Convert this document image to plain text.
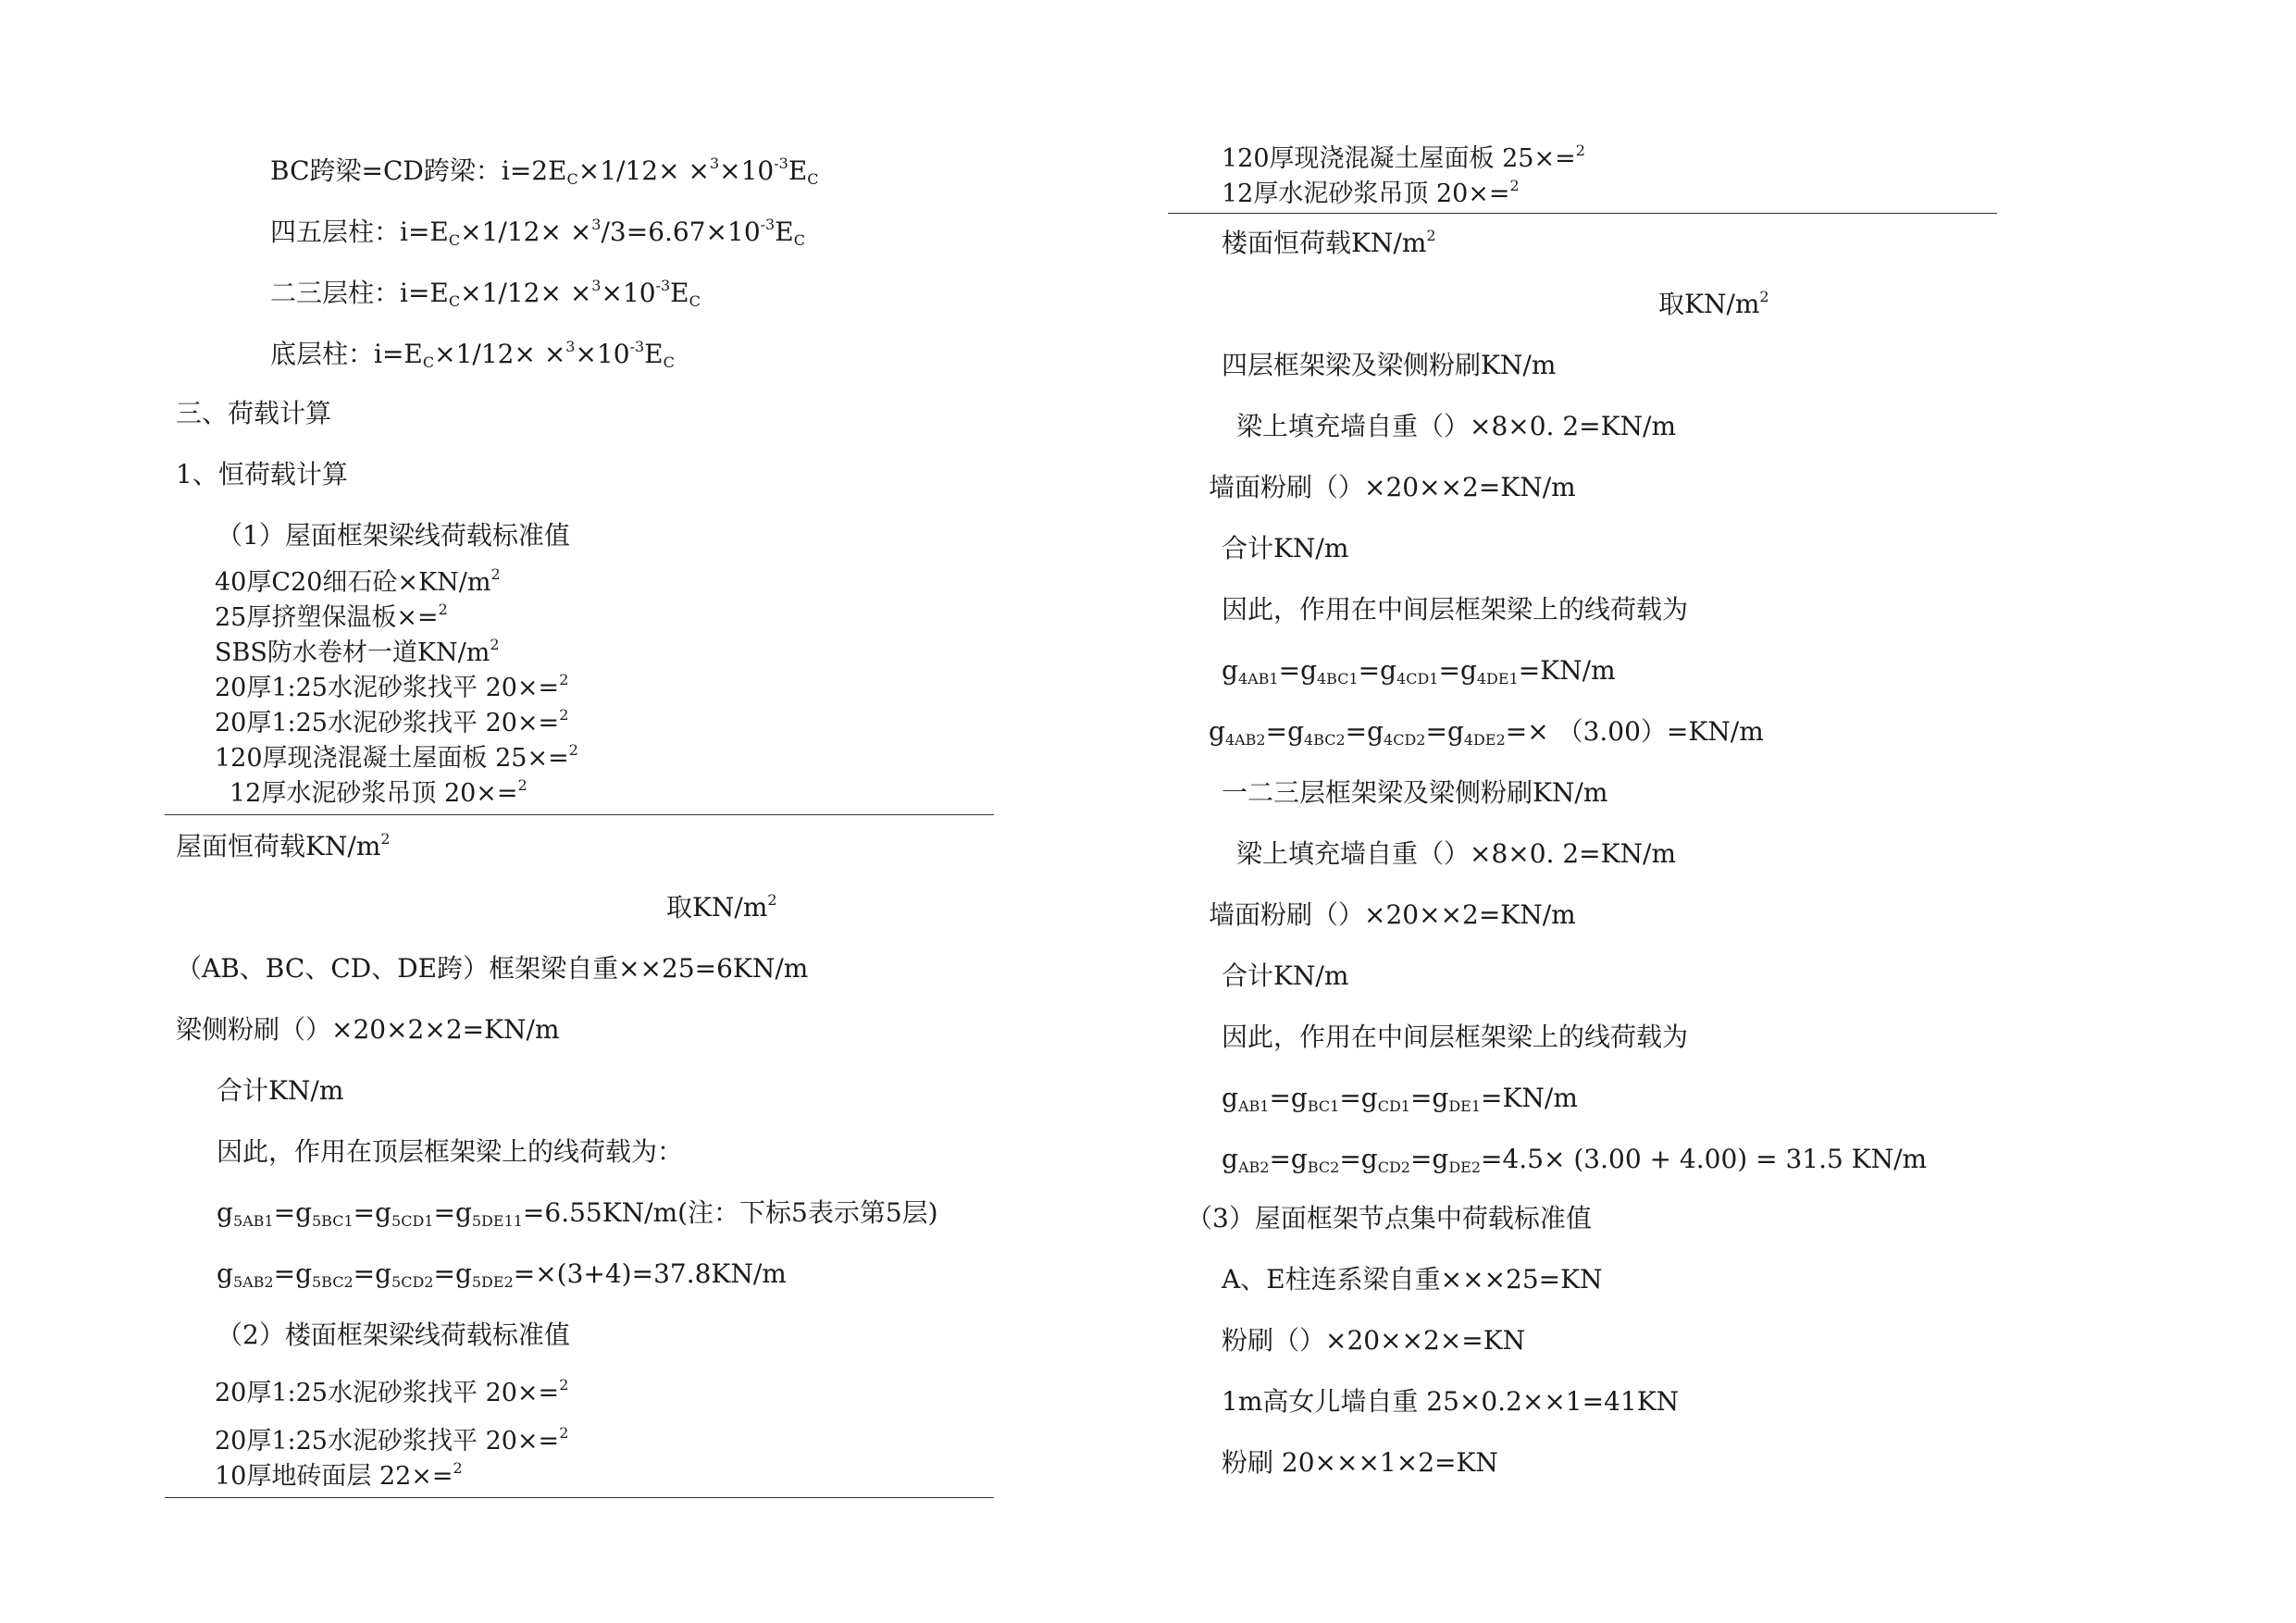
BC跨梁=CD跨梁：$i=2E_C\times 1/12\times \times^3\times 10^{-3}E_C$
四五层柱：$i=E_C\times 1/12\times \times^3/3=6.67\times 10^{-3}E_C$
二三层柱：$i=E_C\times 1/12\times \times^3\times 10^{-3}E_C$
底层柱：$i=E_C\times 1/12\times \times^3\times 10^{-3}E_C$
三、荷载计算
1、恒荷载计算
（1）屋面框架梁线荷载标准值
40厚C20细石砼$\times KN/m^2$
25厚挤塑保温板×=$^2$
SBS防水卷材一道$KN/m^2$
20厚1:25水泥砂浆找平 20×=$^2$
20厚1:25水泥砂浆找平 20×=$^2$
120厚现浇混凝土屋面板 25×=$^2$
12厚水泥砂浆吊顶 20×=$^2$
屋面恒荷载$KN/m^2$
取$KN/m^2$
（AB、BC、CD、DE跨）框架梁自重××25=6KN/m
梁侧粉刷（）×20×2×2=KN/m
合计KN/m
因此，作用在顶层框架梁上的线荷载为：
$g_{5AB1}=g_{5BC1}=g_{5CD1}=g_{5DE11}=6.55KN/m$(注：下标5表示第5层)
$g_{5AB2}=g_{5BC2}=g_{5CD2}=g_{5DE2}=\times(3+4)=37.8KN/m$
（2）楼面框架梁线荷载标准值
20厚1:25水泥砂浆找平 20×=$^2$
20厚1:25水泥砂浆找平 20×=$^2$
10厚地砖面层 22×=$^2$
120厚现浇混凝土屋面板 25×=$^2$
12厚水泥砂浆吊顶 20×=$^2$
楼面恒荷载$KN/m^2$
取$KN/m^2$
四层框架梁及梁侧粉刷KN/m
梁上填充墙自重（）×8×0. 2=KN/m
墙面粉刷（）×20××2=KN/m
合计KN/m
因此，作用在中间层框架梁上的线荷载为
$g_{4AB1}=g_{4BC1}=g_{4CD1}=g_{4DE1}=KN/m$
$g_{4AB2}=g_{4BC2}=g_{4CD2}=g_{4DE2}=\times (3.00)=KN/m$
一二三层框架梁及梁侧粉刷KN/m
梁上填充墙自重（）×8×0. 2=KN/m
墙面粉刷（）×20××2=KN/m
合计KN/m
因此，作用在中间层框架梁上的线荷载为
$g_{AB1}=g_{BC1}=g_{CD1}=g_{DE1}=KN/m$
$g_{AB2}=g_{BC2}=g_{CD2}=g_{DE2}=4.5\times (3.00 + 4.00) = 31.5$ KN/m
（3）屋面框架节点集中荷载标准值
A、E柱连系梁自重×××25=KN
粉刷（）×20××2×=KN
1m高女儿墙自重 25×0.2××1=41KN
粉刷 20×××1×2=KN
